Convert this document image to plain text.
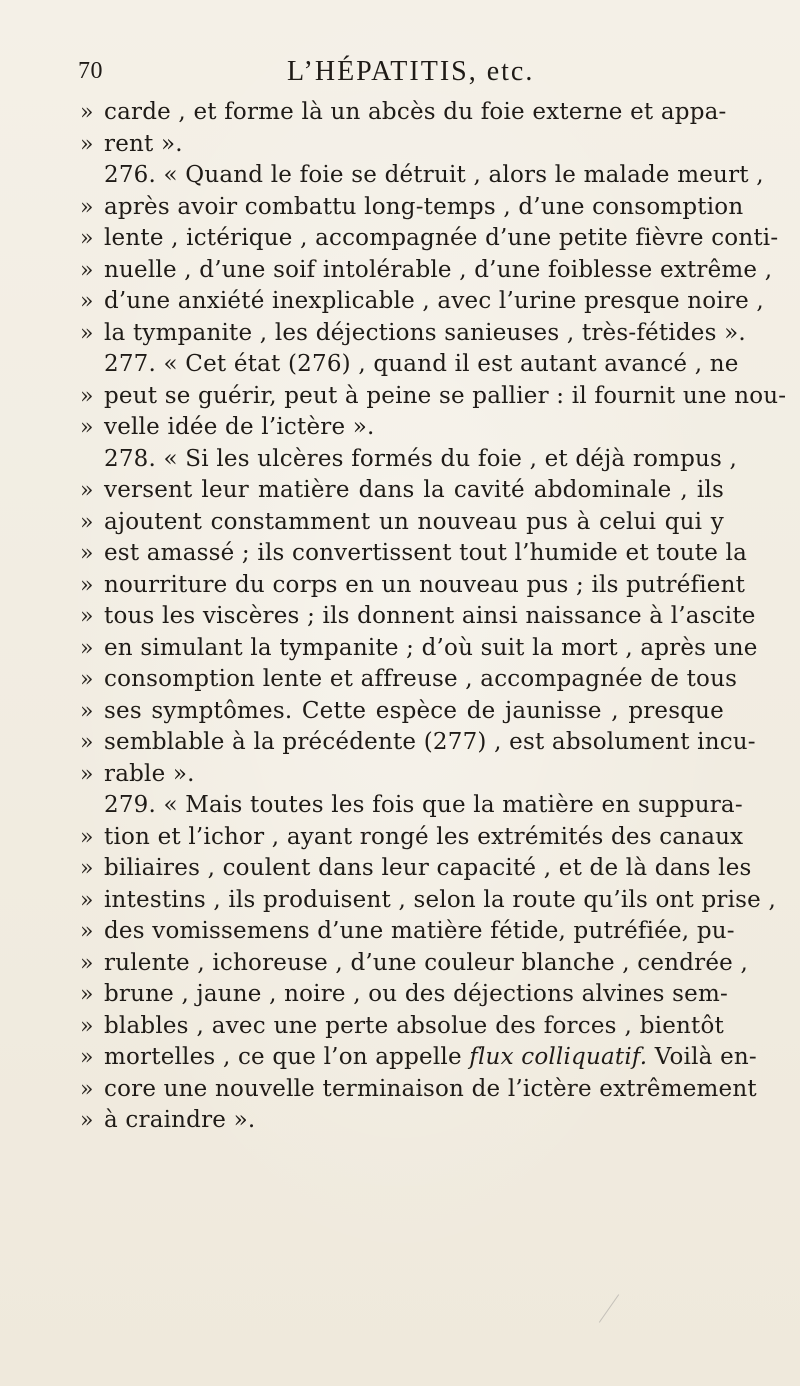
70	L’HÉPATITIS, etc.
» carde , et forme là un abcès du foie externe et appa-
» rent ».
276. « Quand le foie se détruit , alors le malade meurt ,
» après avoir combattu long-temps , d’une consomption
» lente , ictérique , accompagnée d’une petite fièvre conti-
» nuelle , d’une soif intolérable , d’une foiblesse extrême ,
» d’une anxiété inexplicable , avec l’urine presque noire ,
» la tympanite , les déjections sanieuses , très-fétides ».
277. « Cet état (276) , quand il est autant avancé , ne
» peut se guérir, peut à peine se pallier : il fournit une nou-
» velle idée de l’ictère ».
278. « Si les ulcères formés du foie , et déjà rompus ,
» versent leur matière dans la cavité abdominale , ils
» ajoutent constamment un nouveau pus à celui qui y
» est amassé ; ils convertissent tout l’humide et toute la
» nourriture du corps en un nouveau pus ; ils putréfient
» tous les viscères ; ils donnent ainsi naissance à l’ascite
» en simulant la tympanite ; d’où suit la mort , après une
» consomption lente et affreuse , accompagnée de tous
» ses symptômes. Cette espèce de jaunisse , presque
» semblable à la précédente (277) , est absolument incu-
» rable ».
279. « Mais toutes les fois que la matière en suppura-
» tion et l’ichor , ayant rongé les extrémités des canaux
» biliaires , coulent dans leur capacité , et de là dans les
» intestins , ils produisent , selon la route qu’ils ont prise ,
» des vomissemens d’une matière fétide, putréfiée, pu-
» rulente , ichoreuse , d’une couleur blanche , cendrée ,
» brune , jaune , noire , ou des déjections alvines sem-
» blables , avec une perte absolue des forces , bientôt
» mortelles , ce que l’on appelle flux colliquatif. Voilà en-
» core une nouvelle terminaison de l’ictère extrêmement
» à craindre ».
